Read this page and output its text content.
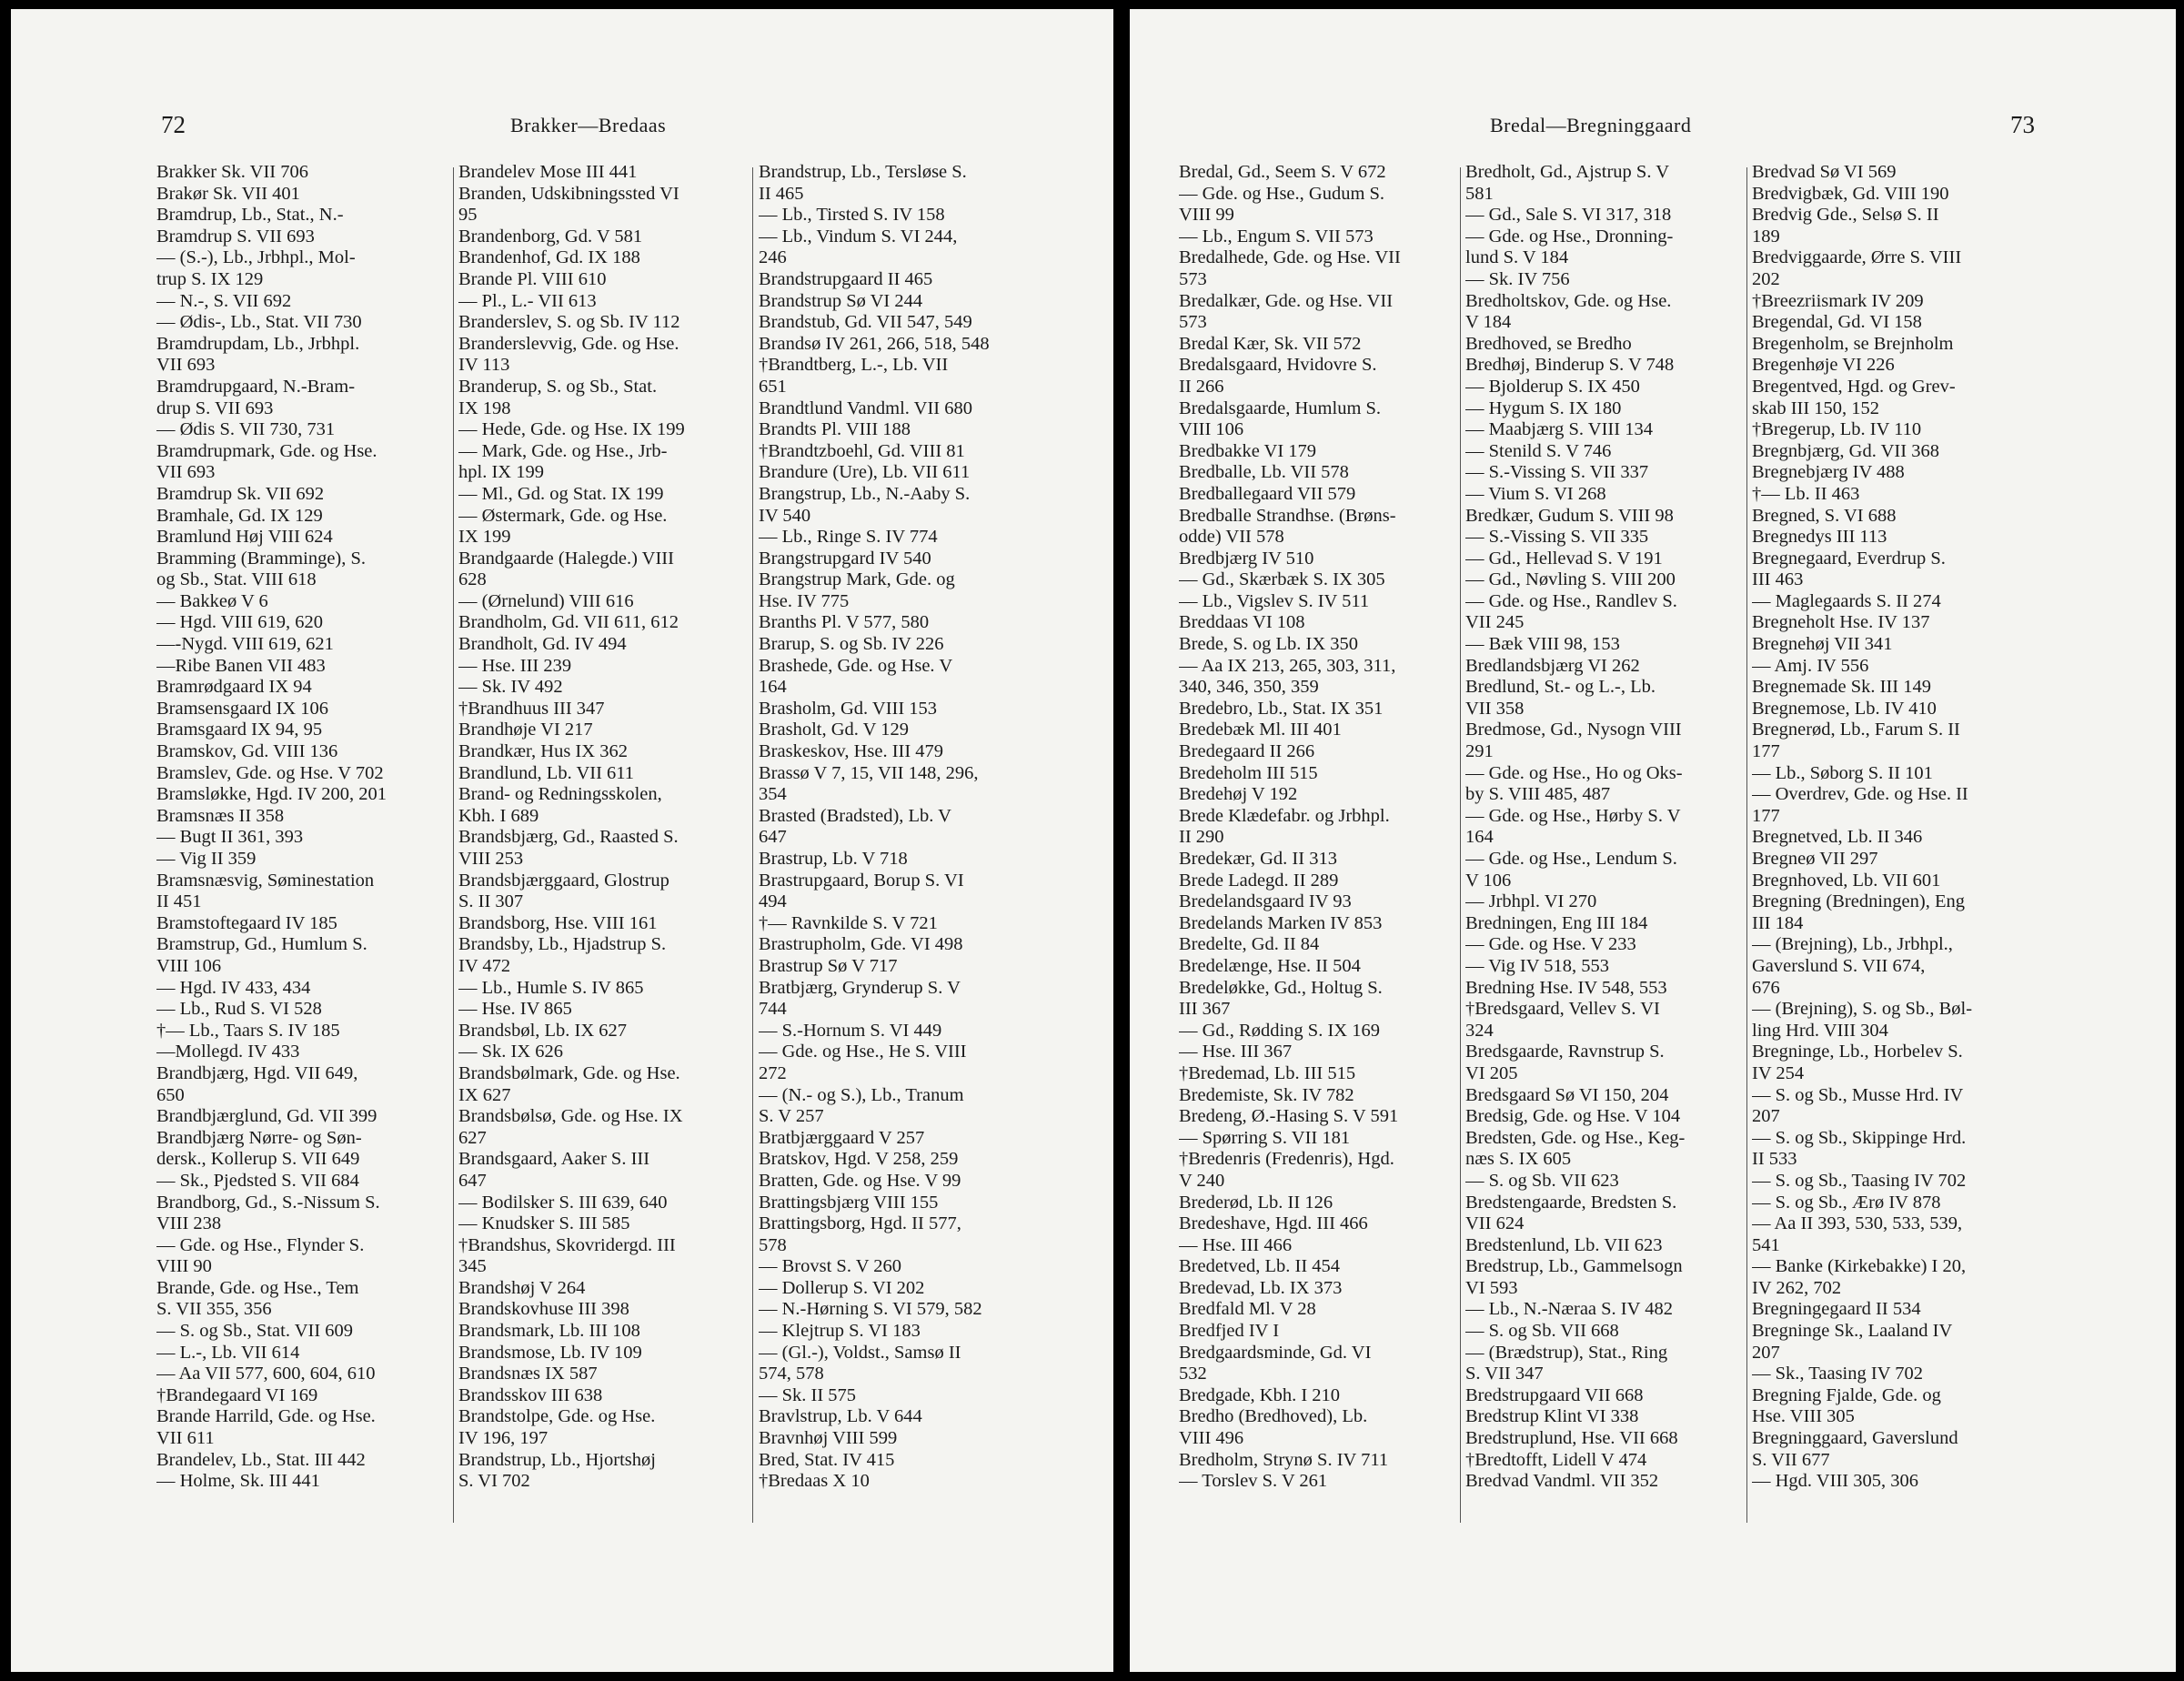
72	Brakker—Bredaas
Brakker Sk. VII 706
Brakør Sk. VII 401
Bramdrup, Lb., Stat., N.-
Bramdrup S. VII 693
— (S.-), Lb., Jrbhpl., Mol-
trup S. IX 129
— N.-, S. VII 692
— Ødis-, Lb., Stat. VII 730
Bramdrupdam, Lb., Jrbhpl.
VII 693
Bramdrupgaard, N.-Bram-
drup S. VII 693
— Ødis S. VII 730, 731
Bramdrupmark, Gde. og Hse.
VII 693
Bramdrup Sk. VII 692
Bramhale, Gd. IX 129
Bramlund Høj VIII 624
Bramming (Bramminge), S.
og Sb., Stat. VIII 618
— Bakkeø V 6
— Hgd. VIII 619, 620
—-Nygd. VIII 619, 621
—Ribe Banen VII 483
Bramrødgaard IX 94
Bramsensgaard IX 106
Bramsgaard IX 94, 95
Bramskov, Gd. VIII 136
Bramslev, Gde. og Hse. V 702
Bramsløkke, Hgd. IV 200, 201
Bramsnæs II 358
— Bugt II 361, 393
— Vig II 359
Bramsnæsvig, Søminestation
II 451
Bramstoftegaard IV 185
Bramstrup, Gd., Humlum S.
VIII 106
— Hgd. IV 433, 434
— Lb., Rud S. VI 528
†— Lb., Taars S. IV 185
—Mollegd. IV 433
Brandbjærg, Hgd. VII 649,
650
Brandbjærglund, Gd. VII 399
Brandbjærg Nørre- og Søn-
dersk., Kollerup S. VII 649
— Sk., Pjedsted S. VII 684
Brandborg, Gd., S.-Nissum S.
VIII 238
— Gde. og Hse., Flynder S.
VIII 90
Brande, Gde. og Hse., Tem
S. VII 355, 356
— S. og Sb., Stat. VII 609
— L.-, Lb. VII 614
— Aa VII 577, 600, 604, 610
†Brandegaard VI 169
Brande Harrild, Gde. og Hse.
VII 611
Brandelev, Lb., Stat. III 442
— Holme, Sk. III 441
Brandelev Mose III 441
Branden, Udskibningssted VI
95
Brandenborg, Gd. V 581
Brandenhof, Gd. IX 188
Brande Pl. VIII 610
— Pl., L.- VII 613
Branderslev, S. og Sb. IV 112
Branderslevvig, Gde. og Hse.
IV 113
Branderup, S. og Sb., Stat.
IX 198
— Hede, Gde. og Hse. IX 199
— Mark, Gde. og Hse., Jrb-
hpl. IX 199
— Ml., Gd. og Stat. IX 199
— Østermark, Gde. og Hse.
IX 199
Brandgaarde (Halegde.) VIII
628
— (Ørnelund) VIII 616
Brandholm, Gd. VII 611, 612
Brandholt, Gd. IV 494
— Hse. III 239
— Sk. IV 492
†Brandhuus III 347
Brandhøje VI 217
Brandkær, Hus IX 362
Brandlund, Lb. VII 611
Brand- og Redningsskolen,
Kbh. I 689
Brandsbjærg, Gd., Raasted S.
VIII 253
Brandsbjærggaard, Glostrup
S. II 307
Brandsborg, Hse. VIII 161
Brandsby, Lb., Hjadstrup S.
IV 472
— Lb., Humle S. IV 865
— Hse. IV 865
Brandsbøl, Lb. IX 627
— Sk. IX 626
Brandsbølmark, Gde. og Hse.
IX 627
Brandsbølsø, Gde. og Hse. IX
627
Brandsgaard, Aaker S. III
647
— Bodilsker S. III 639, 640
— Knudsker S. III 585
†Brandshus, Skovridergd. III
345
Brandshøj V 264
Brandskovhuse III 398
Brandsmark, Lb. III 108
Brandsmose, Lb. IV 109
Brandsnæs IX 587
Brandsskov III 638
Brandstolpe, Gde. og Hse.
IV 196, 197
Brandstrup, Lb., Hjortshøj
S. VI 702
Brandstrup, Lb., Tersløse S.
II 465
— Lb., Tirsted S. IV 158
— Lb., Vindum S. VI 244,
246
Brandstrupgaard II 465
Brandstrup Sø VI 244
Brandstub, Gd. VII 547, 549
Brandsø IV 261, 266, 518, 548
†Brandtberg, L.-, Lb. VII
651
Brandtlund Vandml. VII 680
Brandts Pl. VIII 188
†Brandtzboehl, Gd. VIII 81
Brandure (Ure), Lb. VII 611
Brangstrup, Lb., N.-Aaby S.
IV 540
— Lb., Ringe S. IV 774
Brangstrupgard IV 540
Brangstrup Mark, Gde. og
Hse. IV 775
Branths Pl. V 577, 580
Brarup, S. og Sb. IV 226
Brashede, Gde. og Hse. V
164
Brasholm, Gd. VIII 153
Brasholt, Gd. V 129
Braskeskov, Hse. III 479
Brassø V 7, 15, VII 148, 296,
354
Brasted (Bradsted), Lb. V
647
Brastrup, Lb. V 718
Brastrupgaard, Borup S. VI
494
†— Ravnkilde S. V 721
Brastrupholm, Gde. VI 498
Brastrup Sø V 717
Bratbjærg, Grynderup S. V
744
— S.-Hornum S. VI 449
— Gde. og Hse., He S. VIII
272
— (N.- og S.), Lb., Tranum
S. V 257
Bratbjærggaard V 257
Bratskov, Hgd. V 258, 259
Bratten, Gde. og Hse. V 99
Brattingsbjærg VIII 155
Brattingsborg, Hgd. II 577,
578
— Brovst S. V 260
— Dollerup S. VI 202
— N.-Hørning S. VI 579, 582
— Klejtrup S. VI 183
— (Gl.-), Voldst., Samsø II
574, 578
— Sk. II 575
Bravlstrup, Lb. V 644
Bravnhøj VIII 599
Bred, Stat. IV 415
†Bredaas X 10
Bredal—Bregninggaard	73
Bredal, Gd., Seem S. V 672
— Gde. og Hse., Gudum S.
VIII 99
— Lb., Engum S. VII 573
Bredalhede, Gde. og Hse. VII
573
Bredalkær, Gde. og Hse. VII
573
Bredal Kær, Sk. VII 572
Bredalsgaard, Hvidovre S.
II 266
Bredalsgaarde, Humlum S.
VIII 106
Bredbakke VI 179
Bredballe, Lb. VII 578
Bredballegaard VII 579
Bredballe Strandhse. (Brøns-
odde) VII 578
Bredbjærg IV 510
— Gd., Skærbæk S. IX 305
— Lb., Vigslev S. IV 511
Breddaas VI 108
Brede, S. og Lb. IX 350
— Aa IX 213, 265, 303, 311,
340, 346, 350, 359
Bredebro, Lb., Stat. IX 351
Bredebæk Ml. III 401
Bredegaard II 266
Bredeholm III 515
Bredehøj V 192
Brede Klædefabr. og Jrbhpl.
II 290
Bredekær, Gd. II 313
Brede Ladegd. II 289
Bredelandsgaard IV 93
Bredelands Marken IV 853
Bredelte, Gd. II 84
Bredelænge, Hse. II 504
Bredeløkke, Gd., Holtug S.
III 367
— Gd., Rødding S. IX 169
— Hse. III 367
†Bredemad, Lb. III 515
Bredemiste, Sk. IV 782
Bredeng, Ø.-Hasing S. V 591
— Spørring S. VII 181
†Bredenris (Fredenris), Hgd.
V 240
Brederød, Lb. II 126
Bredeshave, Hgd. III 466
— Hse. III 466
Bredetved, Lb. II 454
Bredevad, Lb. IX 373
Bredfald Ml. V 28
Bredfjed IV I
Bredgaardsminde, Gd. VI
532
Bredgade, Kbh. I 210
Bredho (Bredhoved), Lb.
VIII 496
Bredholm, Strynø S. IV 711
— Torslev S. V 261
Bredholt, Gd., Ajstrup S. V
581
— Gd., Sale S. VI 317, 318
— Gde. og Hse., Dronning-
lund S. V 184
— Sk. IV 756
Bredholtskov, Gde. og Hse.
V 184
Bredhoved, se Bredho
Bredhøj, Binderup S. V 748
— Bjolderup S. IX 450
— Hygum S. IX 180
— Maabjærg S. VIII 134
— Stenild S. V 746
— S.-Vissing S. VII 337
— Vium S. VI 268
Bredkær, Gudum S. VIII 98
— S.-Vissing S. VII 335
— Gd., Hellevad S. V 191
— Gd., Nøvling S. VIII 200
— Gde. og Hse., Randlev S.
VII 245
— Bæk VIII 98, 153
Bredlandsbjærg VI 262
Bredlund, St.- og L.-, Lb.
VII 358
Bredmose, Gd., Nysogn VIII
291
— Gde. og Hse., Ho og Oks-
by S. VIII 485, 487
— Gde. og Hse., Hørby S. V
164
— Gde. og Hse., Lendum S.
V 106
— Jrbhpl. VI 270
Bredningen, Eng III 184
— Gde. og Hse. V 233
— Vig IV 518, 553
Bredning Hse. IV 548, 553
†Bredsgaard, Vellev S. VI
324
Bredsgaarde, Ravnstrup S.
VI 205
Bredsgaard Sø VI 150, 204
Bredsig, Gde. og Hse. V 104
Bredsten, Gde. og Hse., Keg-
næs S. IX 605
— S. og Sb. VII 623
Bredstengaarde, Bredsten S.
VII 624
Bredstenlund, Lb. VII 623
Bredstrup, Lb., Gammelsogn
VI 593
— Lb., N.-Næraa S. IV 482
— S. og Sb. VII 668
— (Brædstrup), Stat., Ring
S. VII 347
Bredstrupgaard VII 668
Bredstrup Klint VI 338
Bredstruplund, Hse. VII 668
†Bredtofft, Lidell V 474
Bredvad Vandml. VII 352
Bredvad Sø VI 569
Bredvigbæk, Gd. VIII 190
Bredvig Gde., Selsø S. II
189
Bredviggaarde, Ørre S. VIII
202
†Breezriismark IV 209
Bregendal, Gd. VI 158
Bregenholm, se Brejnholm
Bregenhøje VI 226
Bregentved, Hgd. og Grev-
skab III 150, 152
†Bregerup, Lb. IV 110
Bregnbjærg, Gd. VII 368
Bregnebjærg IV 488
†— Lb. II 463
Bregned, S. VI 688
Bregnedys III 113
Bregnegaard, Everdrup S.
III 463
— Maglegaards S. II 274
Bregneholt Hse. IV 137
Bregnehøj VII 341
— Amj. IV 556
Bregnemade Sk. III 149
Bregnemose, Lb. IV 410
Bregnerød, Lb., Farum S. II
177
— Lb., Søborg S. II 101
— Overdrev, Gde. og Hse. II
177
Bregnetved, Lb. II 346
Bregneø VII 297
Bregnhoved, Lb. VII 601
Bregning (Bredningen), Eng
III 184
— (Brejning), Lb., Jrbhpl.,
Gaverslund S. VII 674,
676
— (Brejning), S. og Sb., Bøl-
ling Hrd. VIII 304
Bregninge, Lb., Horbelev S.
IV 254
— S. og Sb., Musse Hrd. IV
207
— S. og Sb., Skippinge Hrd.
II 533
— S. og Sb., Taasing IV 702
— S. og Sb., Ærø IV 878
— Aa II 393, 530, 533, 539,
541
— Banke (Kirkebakke) I 20,
IV 262, 702
Bregningegaard II 534
Bregninge Sk., Laaland IV
207
— Sk., Taasing IV 702
Bregning Fjalde, Gde. og
Hse. VIII 305
Bregninggaard, Gaverslund
S. VII 677
— Hgd. VIII 305, 306
